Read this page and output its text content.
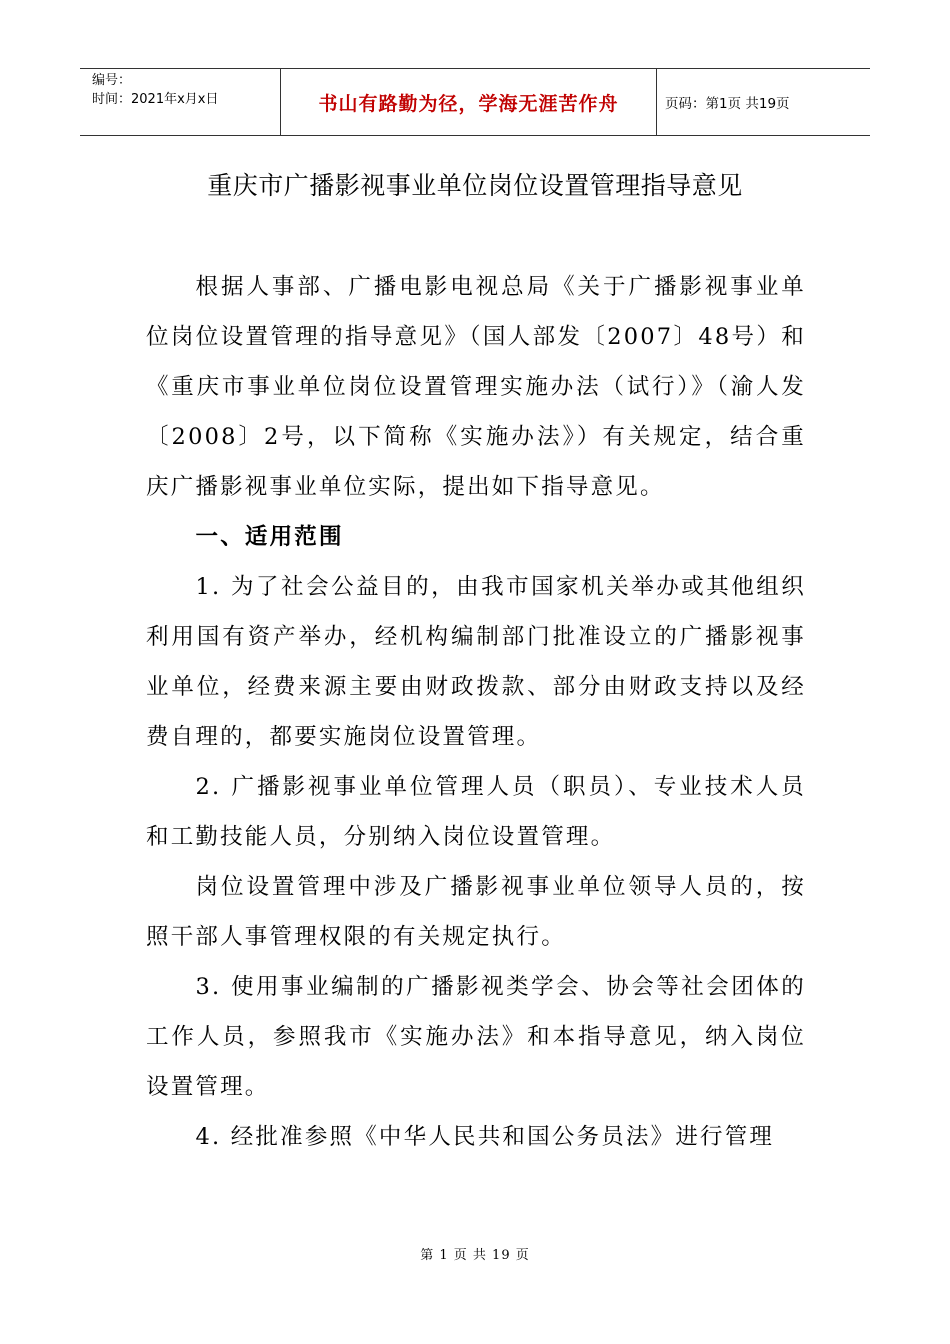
编号：
时间：2021年x月x日	书山有路勤为径，学海无涯苦作舟	页码：第1页 共19页
重庆市广播影视事业单位岗位设置管理指导意见

根据人事部、广播电影电视总局《关于广播影视事业单位岗位设置管理的指导意见》（国人部发〔2007〕48号）和《重庆市事业单位岗位设置管理实施办法（试行）》（渝人发〔2008〕2号，以下简称《实施办法》）有关规定，结合重庆广播影视事业单位实际，提出如下指导意见。

一、适用范围

1. 为了社会公益目的，由我市国家机关举办或其他组织利用国有资产举办，经机构编制部门批准设立的广播影视事业单位，经费来源主要由财政拨款、部分由财政支持以及经费自理的，都要实施岗位设置管理。

2. 广播影视事业单位管理人员（职员）、专业技术人员和工勤技能人员，分别纳入岗位设置管理。

岗位设置管理中涉及广播影视事业单位领导人员的，按照干部人事管理权限的有关规定执行。

3. 使用事业编制的广播影视类学会、协会等社会团体的工作人员，参照我市《实施办法》和本指导意见，纳入岗位设置管理。

4. 经批准参照《中华人民共和国公务员法》进行管理

第 1 页 共 19 页
